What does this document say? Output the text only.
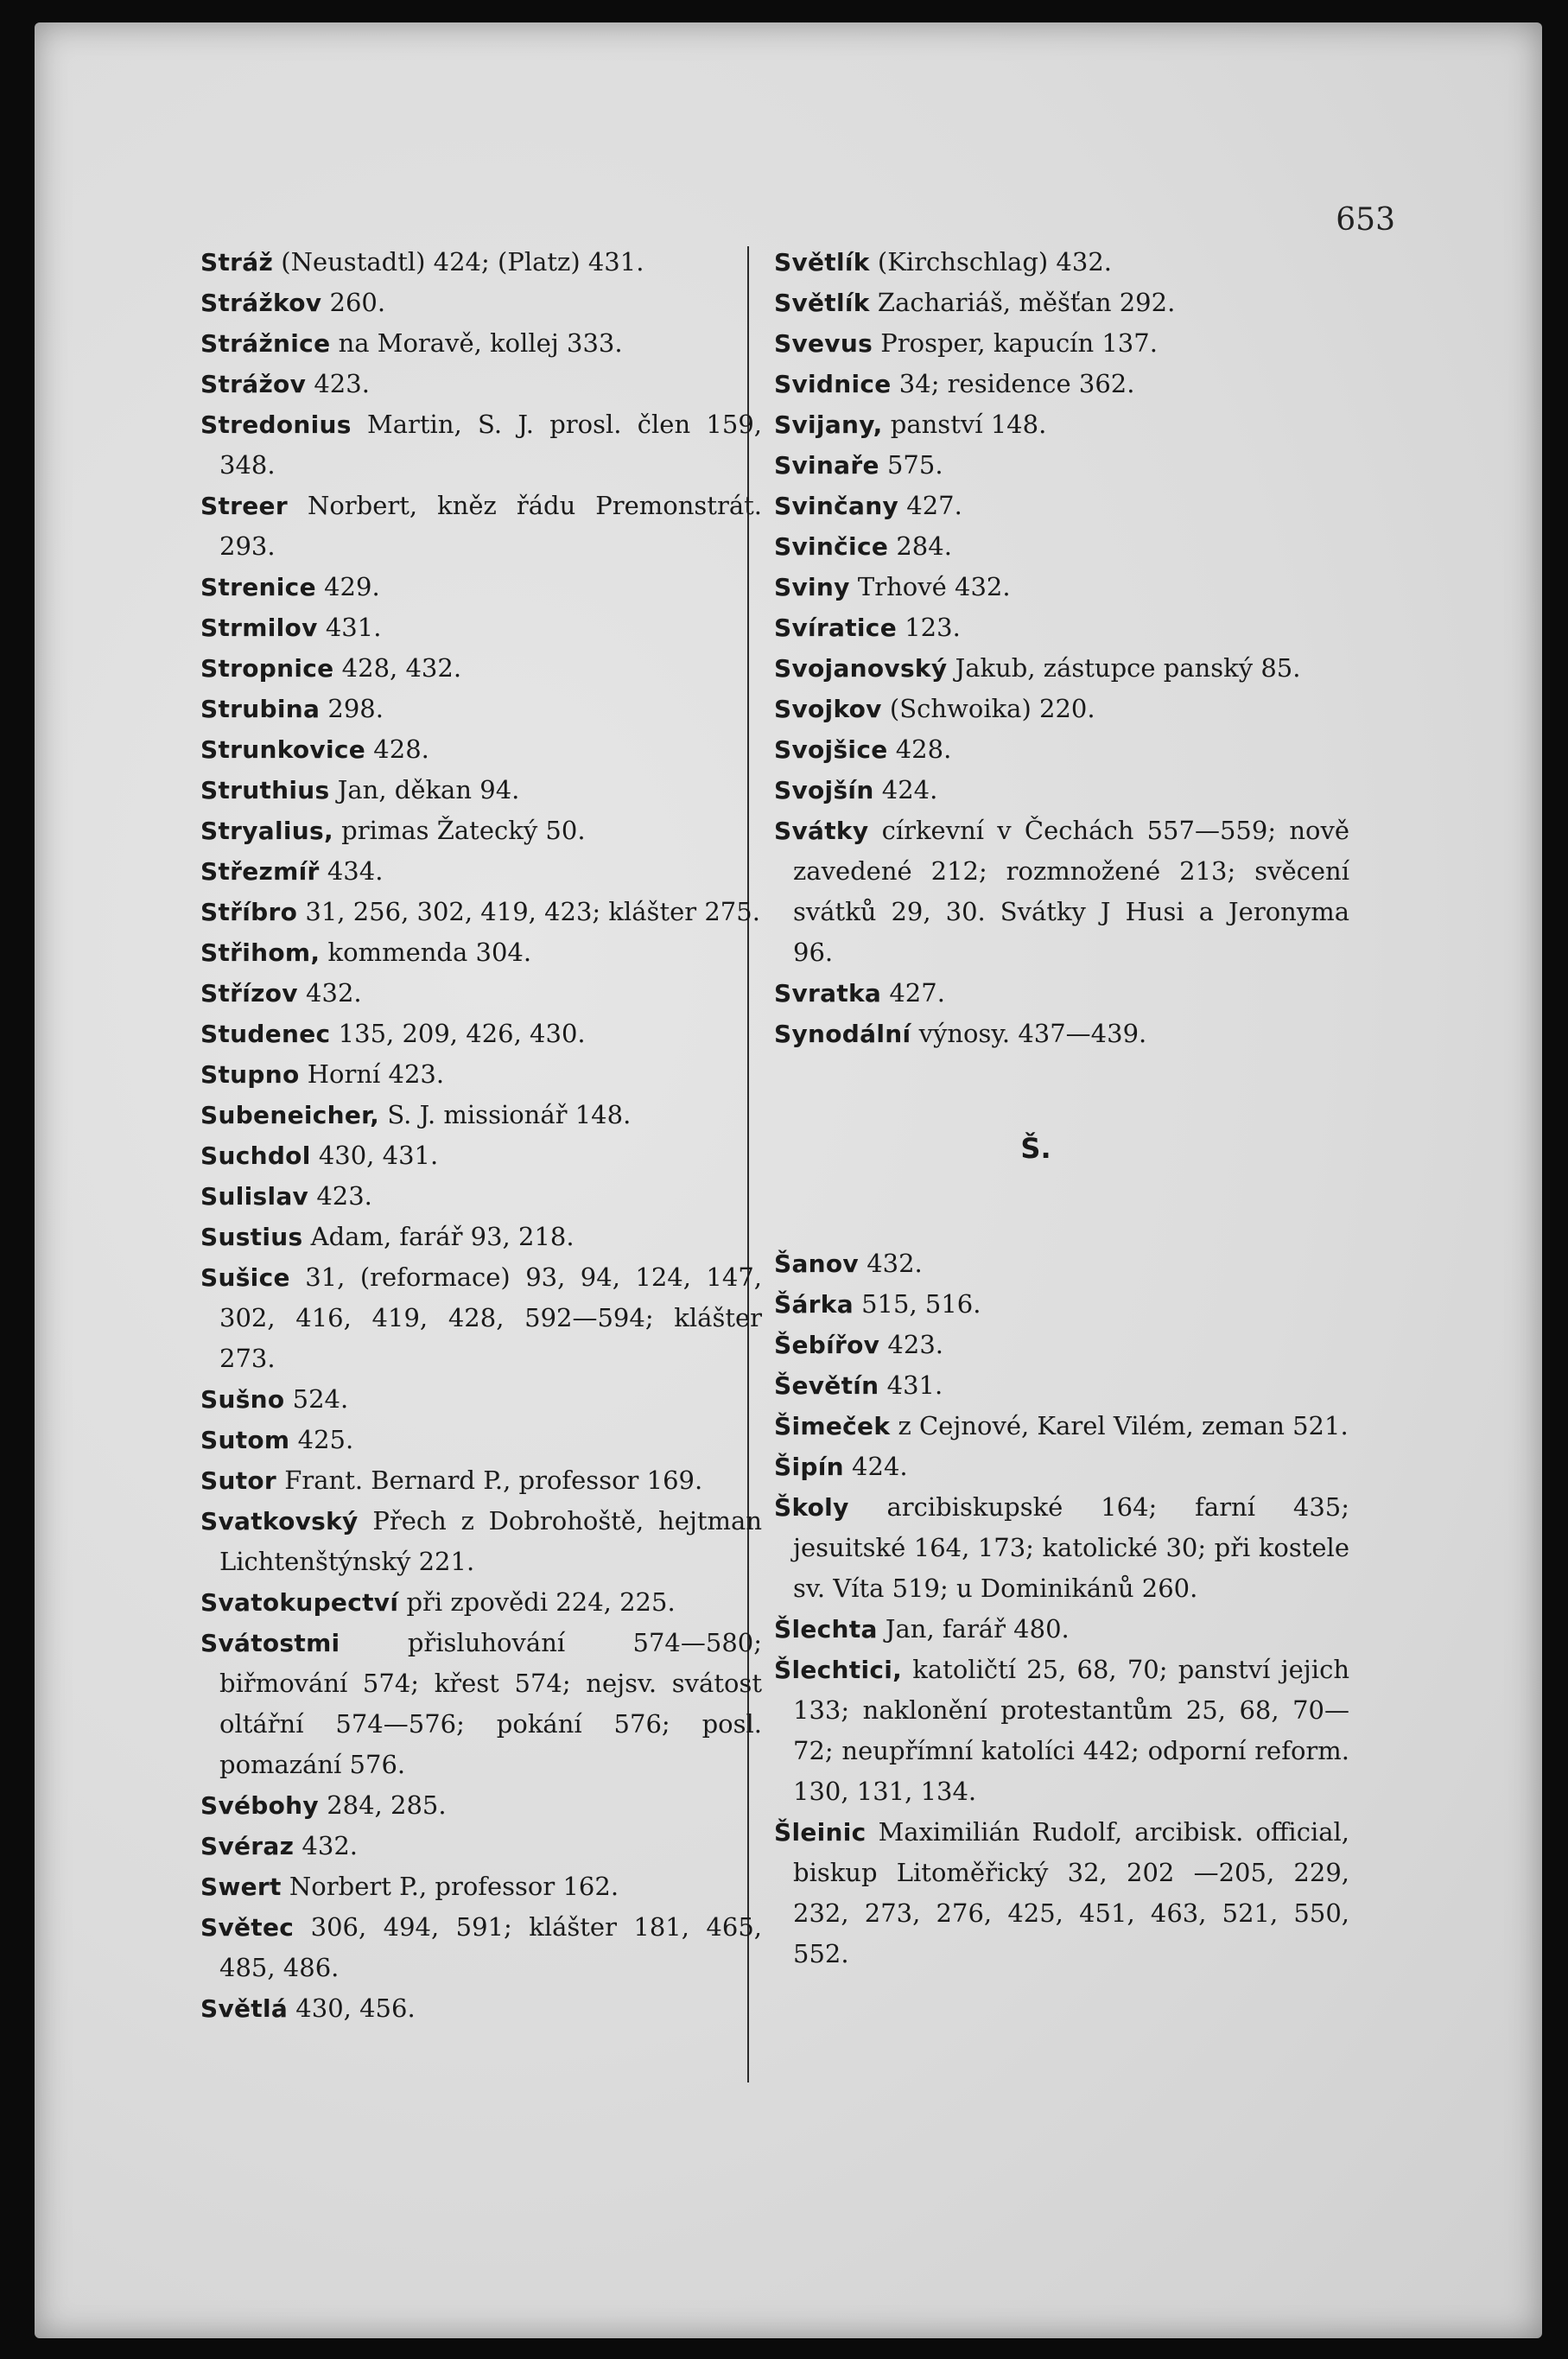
653

Stráž (Neustadtl) 424; (Platz) 431.

Strážkov 260.

Strážnice na Moravě, kollej 333.

Strážov 423.

Stredonius Martin, S. J. prosl. člen 159, 348.

Streer Norbert, kněz řádu Premonstrát. 293.

Strenice 429.

Strmilov 431.

Stropnice 428, 432.

Strubina 298.

Strunkovice 428.

Struthius Jan, děkan 94.

Stryalius, primas Žatecký 50.

Střezmíř 434.

Stříbro 31, 256, 302, 419, 423; klášter 275.

Střihom, kommenda 304.

Střízov 432.

Studenec 135, 209, 426, 430.

Stupno Horní 423.

Subeneicher, S. J. missionář 148.

Suchdol 430, 431.

Sulislav 423.

Sustius Adam, farář 93, 218.

Sušice 31, (reformace) 93, 94, 124, 147, 302, 416, 419, 428, 592—594; klášter 273.

Sušno 524.

Sutom 425.

Sutor Frant. Bernard P., professor 169.

Svatkovský Přech z Dobrohoště, hejtman Lichtenštýnský 221.

Svatokupectví při zpovědi 224, 225.

Svátostmi přisluhování 574—580; biřmování 574; křest 574; nejsv. svátost oltářní 574—576; pokání 576; posl. pomazání 576.

Svébohy 284, 285.

Svéraz 432.

Swert Norbert P., professor 162.

Světec 306, 494, 591; klášter 181, 465, 485, 486.

Světlá 430, 456.

Světlík (Kirchschlag) 432.

Světlík Zachariáš, měšťan 292.

Svevus Prosper, kapucín 137.

Svidnice 34; residence 362.

Svijany, panství 148.

Svinaře 575.

Svinčany 427.

Svinčice 284.

Sviny Trhové 432.

Svíratice 123.

Svojanovský Jakub, zástupce panský 85.

Svojkov (Schwoika) 220.

Svojšice 428.

Svojšín 424.

Svátky církevní v Čechách 557—559; nově zavedené 212; rozmnožené 213; svěcení svátků 29, 30. Svátky J Husi a Jeronyma 96.

Svratka 427.

Synodální výnosy. 437—439.

Š.

Šanov 432.

Šárka 515, 516.

Šebířov 423.

Ševětín 431.

Šimeček z Cejnové, Karel Vilém, zeman 521.

Šipín 424.

Školy arcibiskupské 164; farní 435; jesuitské 164, 173; katolické 30; při kostele sv. Víta 519; u Dominikánů 260.

Šlechta Jan, farář 480.

Šlechtici, katoličtí 25, 68, 70; panství jejich 133; naklonění protestantům 25, 68, 70—72; neupřímní katolíci 442; odporní reform. 130, 131, 134.

Šleinic Maximilián Rudolf, arcibisk. official, biskup Litoměřický 32, 202 —205, 229, 232, 273, 276, 425, 451, 463, 521, 550, 552.
